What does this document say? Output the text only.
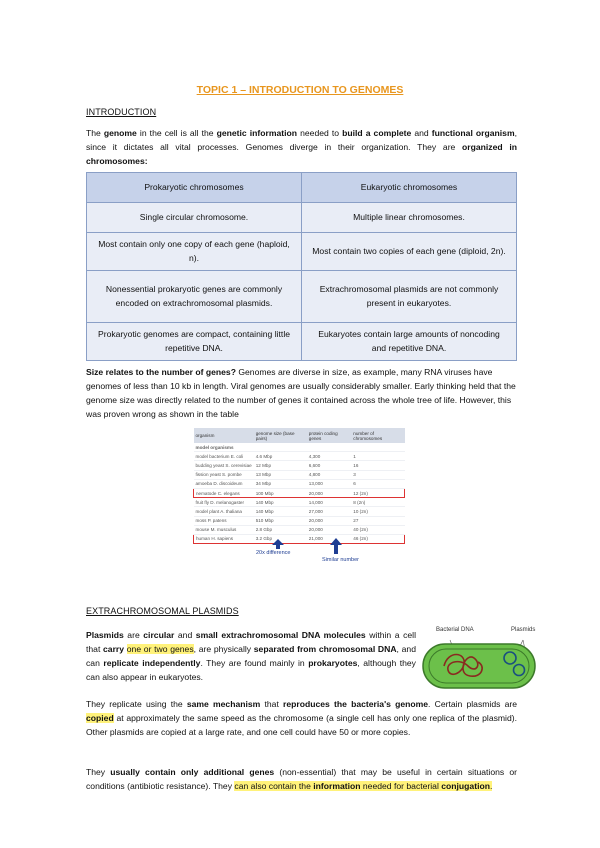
TOPIC 1 – INTRODUCTION TO GENOMES
INTRODUCTION
The genome in the cell is all the genetic information needed to build a complete and functional organism, since it dictates all vital processes. Genomes diverge in their organization. They are organized in chromosomes:
Prokaryotic chromosomes	Eukaryotic chromosomes
Single circular chromosome.	Multiple linear chromosomes.
Most contain only one copy of each gene (haploid, n).	Most contain two copies of each gene (diploid, 2n).
Nonessential prokaryotic genes are commonly encoded on extrachromosomal plasmids.	Extrachromosomal plasmids are not commonly present in eukaryotes.
Prokaryotic genomes are compact, containing little repetitive DNA.	Eukaryotes contain large amounts of noncoding and repetitive DNA.
Size relates to the number of genes? Genomes are diverse in size, as example, many RNA viruses have genomes of less than 10 kb in length. Viral genomes are usually considerably smaller. Early thinking held that the genome size was directly related to the number of genes it contained across the whole tree of life. However, this was proven wrong as shown in the table
organism	genome size (base pairs)	protein coding genes	number of chromosomes
model organisms			
model bacterium E. coli	4.6 Mbp	4,300	1
budding yeast S. cerevisiae	12 Mbp	6,600	16
fission yeast S. pombe	13 Mbp	4,800	3
amoeba D. discoideum	34 Mbp	13,000	6
nematode C. elegans	100 Mbp	20,000	12 (2n)
fruit fly D. melanogaster	140 Mbp	14,000	8 (2n)
model plant A. thaliana	140 Mbp	27,000	10 (2n)
moss P. patens	510 Mbp	20,000	27
mouse M. musculus	2.8 Gbp	20,000	40 (2n)
human H. sapiens	3.2 Gbp	21,000	46 (2n)
20x difference
Similar number
EXTRACHROMOSOMAL PLASMIDS
Bacterial DNA	Plasmids
Plasmids are circular and small extrachromosomal DNA molecules within a cell that carry one or two genes, are physically separated from chromosomal DNA, and can replicate independently. They are found mainly in prokaryotes, although they can also appear in eukaryotes.
They replicate using the same mechanism that reproduces the bacteria's genome. Certain plasmids are copied at approximately the same speed as the chromosome (a single cell has only one replica of the plasmid). Other plasmids are copied at a large rate, and one cell could have 50 or more copies.
They usually contain only additional genes (non-essential) that may be useful in certain situations or conditions (antibiotic resistance). They can also contain the information needed for bacterial conjugation.
